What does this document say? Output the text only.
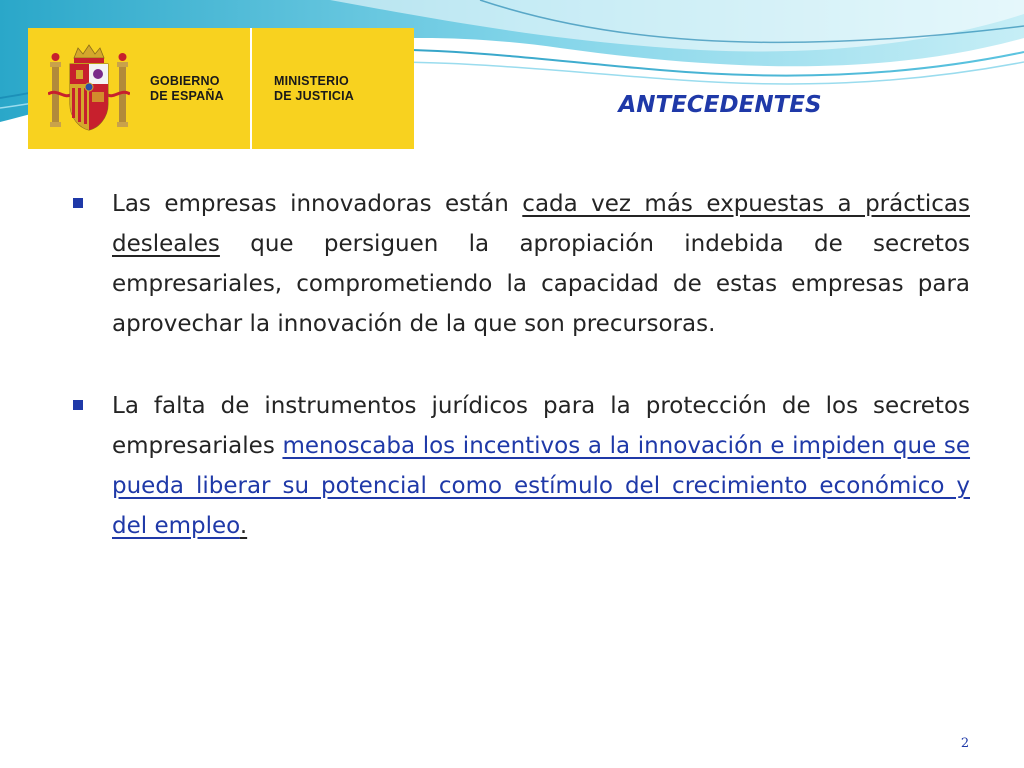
GOBIERNO
DE ESPAÑA
MINISTERIO
DE JUSTICIA	ANTECEDENTES
Las empresas innovadoras están cada vez más expuestas a prácticas desleales que persiguen la apropiación indebida de secretos empresariales, comprometiendo la capacidad de estas empresas para aprovechar la innovación de la que son precursoras.
La falta de instrumentos jurídicos para la protección de los secretos empresariales menoscaba los incentivos a la innovación e impiden que se pueda liberar su potencial como estímulo del crecimiento económico y del empleo.
2
